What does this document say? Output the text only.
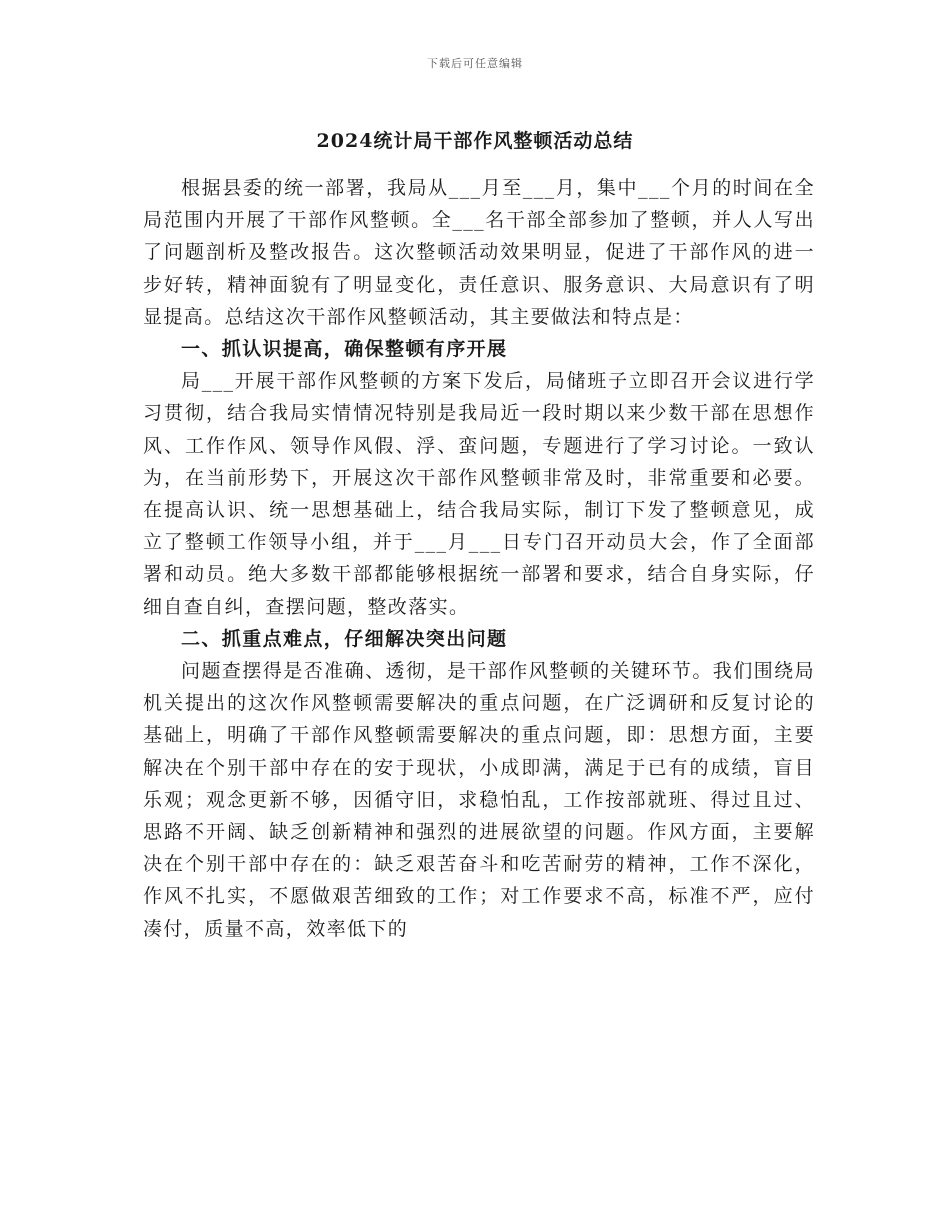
下载后可任意编辑
2024统计局干部作风整顿活动总结

根据县委的统一部署，我局从___月至___月，集中___个月的时间在全局范围内开展了干部作风整顿。全___名干部全部参加了整顿，并人人写出了问题剖析及整改报告。这次整顿活动效果明显，促进了干部作风的进一步好转，精神面貌有了明显变化，责任意识、服务意识、大局意识有了明显提高。总结这次干部作风整顿活动，其主要做法和特点是：

一、抓认识提高，确保整顿有序开展

局___开展干部作风整顿的方案下发后，局储班子立即召开会议进行学习贯彻，结合我局实情情况特别是我局近一段时期以来少数干部在思想作风、工作作风、领导作风假、浮、蛮问题，专题进行了学习讨论。一致认为，在当前形势下，开展这次干部作风整顿非常及时，非常重要和必要。在提高认识、统一思想基础上，结合我局实际，制订下发了整顿意见，成立了整顿工作领导小组，并于___月___日专门召开动员大会，作了全面部署和动员。绝大多数干部都能够根据统一部署和要求，结合自身实际，仔细自查自纠，查摆问题，整改落实。

二、抓重点难点，仔细解决突出问题

问题查摆得是否准确、透彻，是干部作风整顿的关键环节。我们围绕局机关提出的这次作风整顿需要解决的重点问题，在广泛调研和反复讨论的基础上，明确了干部作风整顿需要解决的重点问题，即：思想方面，主要解决在个别干部中存在的安于现状，小成即满，满足于已有的成绩，盲目乐观；观念更新不够，因循守旧，求稳怕乱，工作按部就班、得过且过、思路不开阔、缺乏创新精神和强烈的进展欲望的问题。作风方面，主要解决在个别干部中存在的：缺乏艰苦奋斗和吃苦耐劳的精神，工作不深化，作风不扎实，不愿做艰苦细致的工作；对工作要求不高，标准不严，应付凑付，质量不高，效率低下的
